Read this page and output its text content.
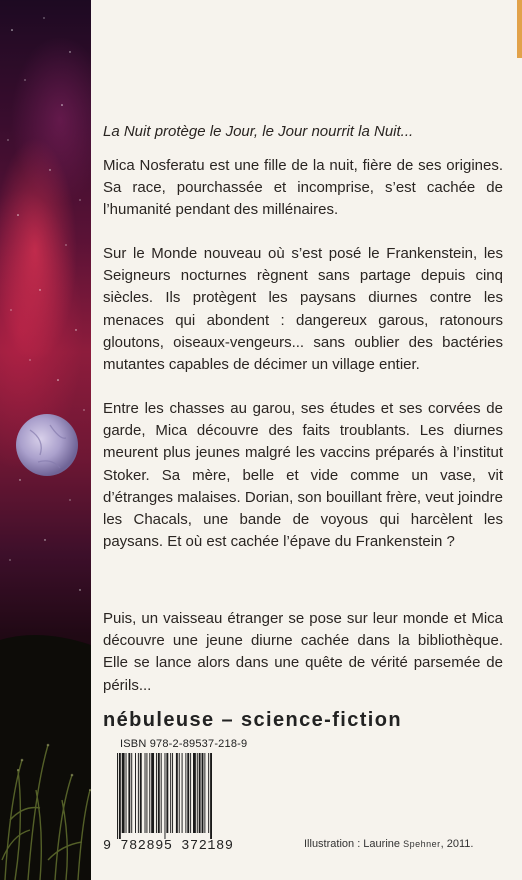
La Nuit protège le Jour, le Jour nourrit la Nuit...

Mica Nosferatu est une fille de la nuit, fière de ses origines. Sa race, pourchassée et incomprise, s’est cachée de l’humanité pendant des millénaires.

Sur le Monde nouveau où s’est posé le Frankenstein, les Seigneurs nocturnes règnent sans partage depuis cinq siècles. Ils protègent les paysans diurnes contre les menaces qui abondent : dangereux garous, ratonours gloutons, oiseaux-vengeurs... sans oublier des bactéries mutantes capables de décimer un village entier.

Entre les chasses au garou, ses études et ses corvées de garde, Mica découvre des faits troublants. Les diurnes meurent plus jeunes malgré les vaccins préparés à l’institut Stoker. Sa mère, belle et vide comme un vase, vit d’étranges malaises. Dorian, son bouillant frère, veut joindre les Chacals, une bande de voyous qui harcèlent les paysans. Et où est cachée l’épave du Frankenstein ?

Puis, un vaisseau étranger se pose sur leur monde et Mica découvre une jeune diurne cachée dans la bibliothèque. Elle se lance alors dans une quête de vérité parsemée de périls...

nébuleuse – science-fiction
ISBN 978-2-89537-218-9
9 782895 372189	Illustration : Laurine Spehner, 2011.
